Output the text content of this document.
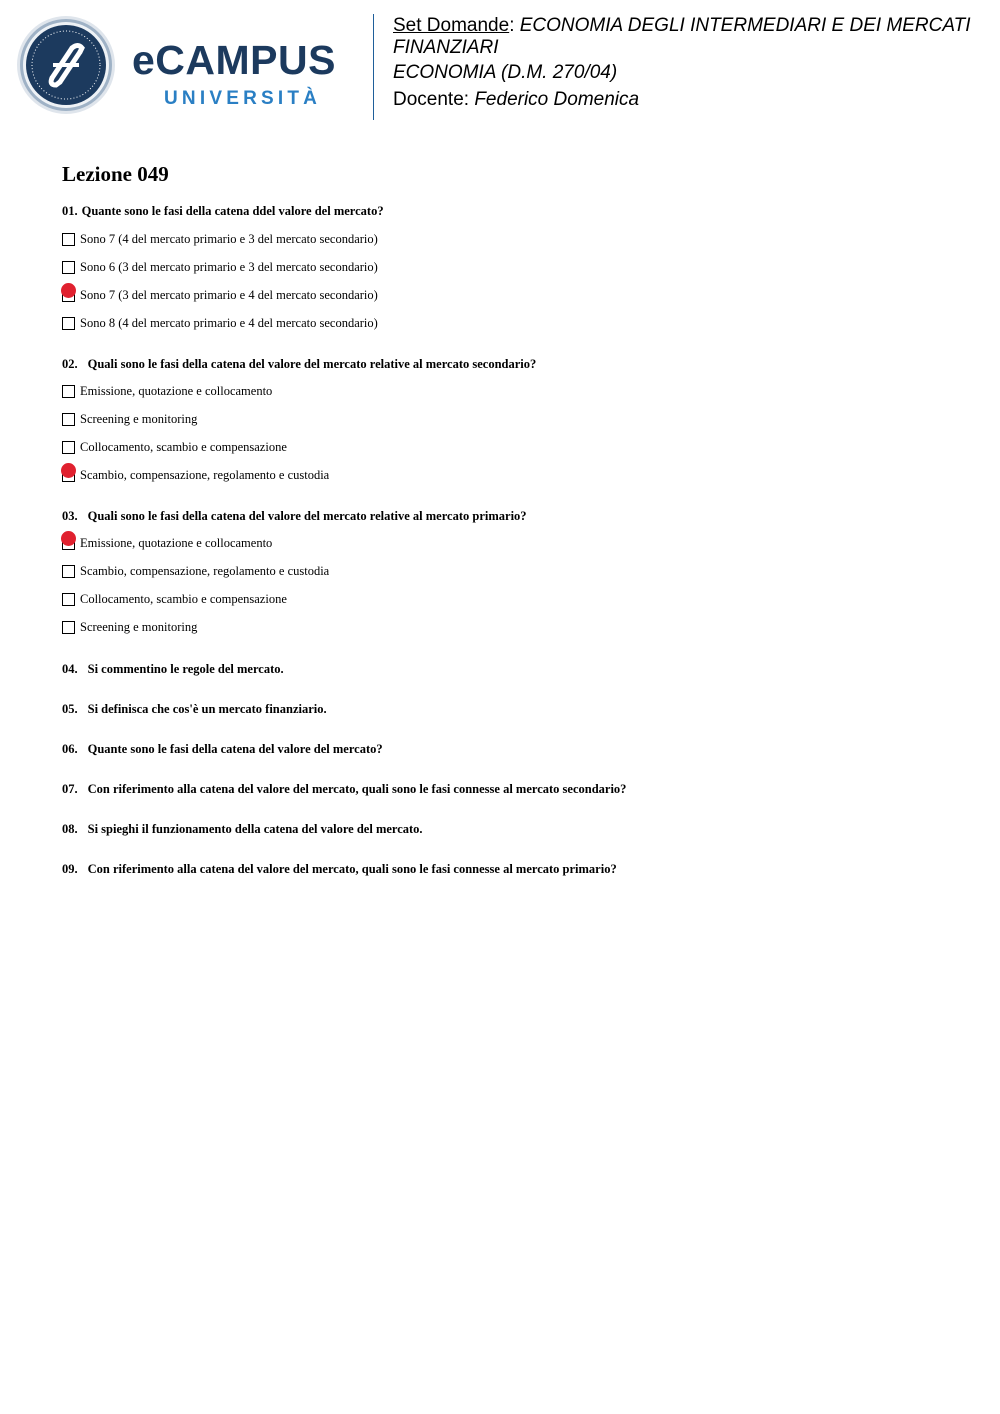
eCAMPUS
UNIVERSITÀ

Set Domande: ECONOMIA DEGLI INTERMEDIARI E DEI MERCATI FINANZIARI

ECONOMIA (D.M. 270/04)

Docente: Federico Domenica

Lezione 049

01. Quante sono le fasi della catena ddel valore del mercato?

Sono 7 (4 del mercato primario e 3 del mercato secondario)
Sono 6 (3 del mercato primario e 3 del mercato secondario)
Sono 7 (3 del mercato primario e 4 del mercato secondario)
Sono 8 (4 del mercato primario e 4 del mercato secondario)

02. Quali sono le fasi della catena del valore del mercato relative al mercato secondario?

Emissione, quotazione e collocamento
Screening e monitoring
Collocamento, scambio e compensazione
Scambio, compensazione, regolamento e custodia

03. Quali sono le fasi della catena del valore del mercato relative al mercato primario?

Emissione, quotazione e collocamento
Scambio, compensazione, regolamento e custodia
Collocamento, scambio e compensazione
Screening e monitoring

04. Si commentino le regole del mercato.

05. Si definisca che cos'è un mercato finanziario.

06. Quante sono le fasi della catena del valore del mercato?

07. Con riferimento alla catena del valore del mercato, quali sono le fasi connesse al mercato secondario?

08. Si spieghi il funzionamento della catena del valore del mercato.

09. Con riferimento alla catena del valore del mercato, quali sono le fasi connesse al mercato primario?
